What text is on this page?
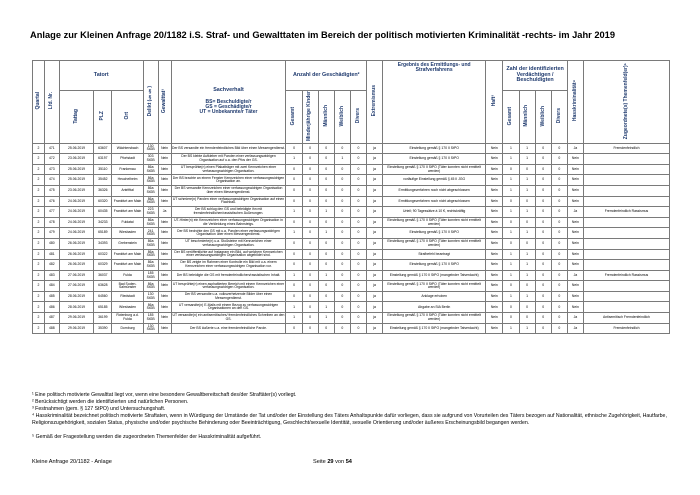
Anlage zur Kleinen Anfrage 20/1182 i.S. Straf- und Gewalttaten im Bereich der politisch motivierten Kriminalität -rechts- im Jahr 2019
Quartal	Lfd. Nr.	Tatort			Delikt (§§)	Gewalttat¹	Sachverhalt
BS= Beschuldigte/r
GS = Geschädigte/r
UT = Unbekannte/r Täter	Anzahl der Geschädigten²					Extremismus	Ergebnis des Ermittlungs- und Strafverfahrens	Haft³	Zahl der identifizierten Verdächtigen / Beschuldigten				Hasskriminalität⁴	Zugeordnete(s) Themenfeld(er)⁵
		Tattag	PLZ	Ort				Gesamt	Minderjährige Kinder	Männlich	Weiblich	Divers				Gesamt	Männlich	Weiblich	Divers		
2	471	25.06.2019	63607	Wächtersbach	130 StGB	Nein	Der BS versandte ein fremdenfeindliches Bild über einen Messengerdienst.	0	0	0	0	0	ja	Einstellung gemäß § 170 II StPO	Nein	1	1	0	0	Ja	Fremdenfeindlich
2	472	23.06.2019	63197	Pfortstadt	303 StGB	Nein	Der BS klebte Aufkleber mit Parolen einer verfassungswidrigen Organisation auf u.a. den Pfos der GS.	1	0	0	1	0	ja	Einstellung gemäß § 170 II StPO	Nein	1	1	0	0	Nein	
2	473	25.06.2019	35110	Frankenau	86a StGB	Nein	UT besprühte(n) einen Plakatträger mit zwei Kennzeichen einer verfassungswidrigen Organisation.	0	0	0	0	0	ja	Einstellung gemäß § 170 II StPO (Täter konnten nicht ermittelt werden)	Nein	0	0	0	0	Nein	
2	474	25.06.2019	35452	Heuchelheim	86a StGB	Nein	Der BS brachte an einem Fenster Kennzeichen einer verfassungswidrigen Organisation an.	0	0	0	0	0	ja	vorläufige Einstellung gemäß § 45 II JGG	Nein	1	1	0	0	Nein	
2	475	23.06.2019	36326	Antrifttal	86a StGB	Nein	Der BS versandte Kennzeichen einer verfassungswidrigen Organisation über einen Messengerdienst.	0	0	0	0	0	ja	Ermittlungsverfahren noch nicht abgeschlossen	Nein	1	1	0	0	Nein	
2	476	24.06.2019	60320	Frankfurt am Main	86a StGB	Nein	UT schmiere(n) Parolen einer verfassungswidrigen Organisation auf einen Flachbau.	0	0	0	0	0	ja	Ermittlungsverfahren noch nicht abgeschlossen	Nein	0	0	0	0	Nein	
2	477	24.06.2019	60435	Frankfurt am Main	223 StGB	Ja	Der BS schlug den GS und beleidigte ihn mit fremdenfeindlichen/rassistischen Äußerungen.	1	0	1	0	0	ja	Urteil; 90 Tagessätze à 10 €, rechtskräftig	Nein	1	1	0	0	Ja	Fremdenfeindlich Rassismus
2	478	24.06.2019	34233	Fuldatal	86a StGB	Nein	UT-Hinter(n) ein Kennzeichen einer verfassungswidrigen Organisation in die Verkleidung eines Bahnsteigs.	0	0	0	0	0	ja	Einstellung gemäß § 170 II StPO (Täter konnten nicht ermittelt werden)	Nein	0	0	0	0	Nein	
2	479	24.06.2019	65189	Wiesbaden	241 StGB	Nein	Der BS bedrohte den GS mit u.a. Parolen einer verfassungswidrigen Organisation über einen Messengerdienst.	1	0	1	0	0	ja	Einstellung gemäß § 170 II StPO	Nein	1	1	0	0	Nein	
2	480	26.06.2019	34393	Grebenstein	86a StGB	Nein	UT beschmierte(n) u.a. Stoßsteine mit Kennzeichen einer verfassungswidrigen Organisation.	0	0	0	0	0	ja	Einstellung gemäß § 170 II StPO (Täter konnten nicht ermittelt werden)	Nein	0	0	0	0	Nein	
2	481	26.06.2019	60322	Frankfurt am Main	86a StGB	Nein	Der BS veröffentlichte auf Instagram ein Bild, auf welchem Kennzeichen einer verfassungswidrigen Organisation abgebildet sind.	0	0	0	0	0	ja	Strafbefehl beantragt	Nein	1	1	0	0	Nein	
2	482	26.06.2019	60329	Frankfurt am Main	86a StGB	Nein	Der BS zeigte im Rahmen einer Kontrolle ein Bild mit u.a. einem Kennzeichen einer verfassungswidrigen Organisation vor.	0	0	0	0	0	ja	Einstellung gemäß § 170 II StPO	Nein	1	1	0	0	Nein	
2	483	27.06.2019	36037	Fulda	185 StGB	Nein	Der BS beleidigte die GS mit fremdenfeindlichen/rassistischen Inhalt.	1	0	1	0	0	ja	Einstellung gemäß § 170 II StPO (mangelnder Tatverdacht)	Nein	1	1	0	0	Ja	Fremdenfeindlich Rassismus
2	484	27.06.2019	63628	Bad Soden-Salmünster	86a StGB	Nein	UT besprühte(n) einen asphaltierten Bereich mit einem Kennzeichen einer verfassungswidrigen Organisation.	0	0	0	0	0	ja	Einstellung gemäß § 170 II StPO (Täter konnten nicht ermittelt werden)	Nein	0	0	0	0	Nein	
2	485	28.06.2019	64560	Riedstadt	130 StGB	Nein	Der BS versandte u.a. volksverhetzende Bilder über einen Messengerdienst.	0	0	0	0	0	ja	Anklage erhoben	Nein	1	1	0	0	Nein	
2	486	28.06.2019	65185	Wiesbaden	86a StGB	Nein	UT versandte(n) E-Mails mit einem Bezug zu verfassungswidrigen Organisationen an den GS.	1	0	1	0	0	ja	Abgabe an StA Berlin	Nein	0	0	0	0	Nein	
2	487	29.06.2019	36199	Rotenburg a.d. Fulda	185 StGB	Nein	UT versandte(n) ein antisemitisches/ fremdenfeindliches Schreiben an den GS.	1	0	1	0	0	ja	Einstellung gemäß § 170 II StPO (Täter konnten nicht ermittelt werden)	Nein	0	0	0	0	Ja	Antisemitisch Fremdenfeindlich
2	488	29.06.2019	35390	Dornburg	130 StGB	Nein	Der BS äußerte u.a. eine fremdenfeindliche Parole.	0	0	0	0	0	ja	Einstellung gemäß § 170 II StPO (mangelnder Tatverdacht)	Nein	1	1	0	0	Ja	Fremdenfeindlich
¹ Eine politisch motivierte Gewalttat liegt vor, wenn eine besondere Gewaltbereitschaft des/der Straftäter(s) vorliegt.
² Berücksichtigt werden die identifizierten und natürlichen Personen.
³ Festnahmen (gem. § 127 StPO) und Untersuchungshaft.
⁴ Hasskriminalität bezeichnet politisch motivierte Straftaten, wenn in Würdigung der Umstände der Tat und/oder der Einstellung des Täters Anhaltspunkte dafür vorliegen, dass sie aufgrund von Vorurteilen des Täters bezogen auf Nationalität, ethnische Zugehörigkeit, Hautfarbe, Religionszugehörigkeit, sozialen Status, physische und/oder psychische Behinderung oder Beeinträchtigung, Geschlecht/sexuelle Identität, sexuelle Orientierung und/oder äußeres Erscheinungsbild begangen werden.
⁵ Gemäß der Fragestellung werden die zugeordneten Themenfelder der Hasskriminalität aufgeführt.
Kleine Anfrage 20/1182 - Anlage	Seite 29 von 54
